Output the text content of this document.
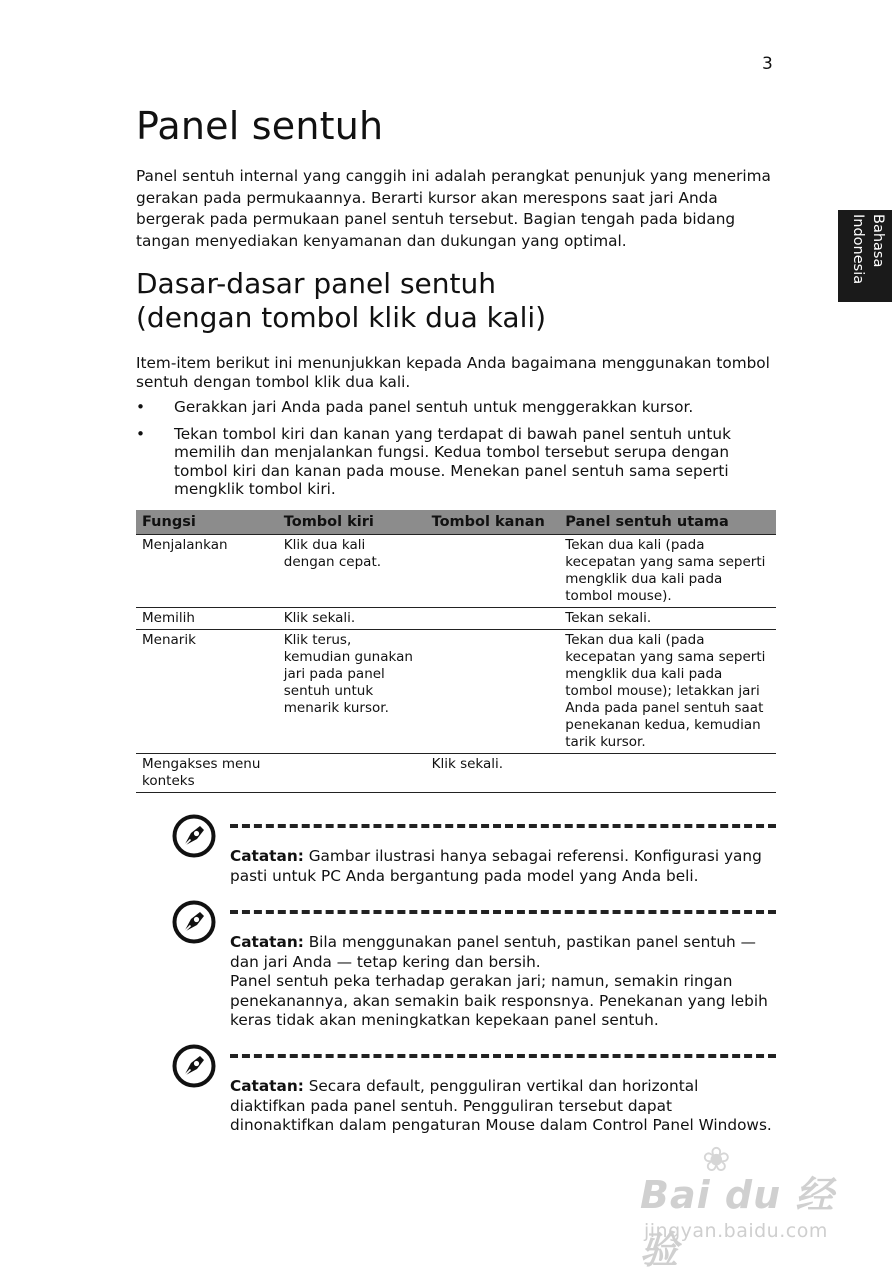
3
Bahasa Indonesia
Panel sentuh

Panel sentuh internal yang canggih ini adalah perangkat penunjuk yang menerima gerakan pada permukaannya. Berarti kursor akan merespons saat jari Anda bergerak pada permukaan panel sentuh tersebut. Bagian tengah pada bidang tangan menyediakan kenyamanan dan dukungan yang optimal.

Dasar-dasar panel sentuh
(dengan tombol klik dua kali)

Item-item berikut ini menunjukkan kepada Anda bagaimana menggunakan tombol sentuh dengan tombol klik dua kali.

• Gerakkan jari Anda pada panel sentuh untuk menggerakkan kursor.
• Tekan tombol kiri dan kanan yang terdapat di bawah panel sentuh untuk memilih dan menjalankan fungsi. Kedua tombol tersebut serupa dengan tombol kiri dan kanan pada mouse. Menekan panel sentuh sama seperti mengklik tombol kiri.
Fungsi	Tombol kiri	Tombol kanan	Panel sentuh utama
Menjalankan	Klik dua kali dengan cepat.		Tekan dua kali (pada kecepatan yang sama seperti mengklik dua kali pada tombol mouse).
Memilih	Klik sekali.		Tekan sekali.
Menarik	Klik terus, kemudian gunakan jari pada panel sentuh untuk menarik kursor.		Tekan dua kali (pada kecepatan yang sama seperti mengklik dua kali pada tombol mouse); letakkan jari Anda pada panel sentuh saat penekanan kedua, kemudian tarik kursor.
Mengakses menu konteks		Klik sekali.	
Catatan: Gambar ilustrasi hanya sebagai referensi. Konfigurasi yang pasti untuk PC Anda bergantung pada model yang Anda beli.

Catatan: Bila menggunakan panel sentuh, pastikan panel sentuh — dan jari Anda — tetap kering dan bersih.

Panel sentuh peka terhadap gerakan jari; namun, semakin ringan penekanannya, akan semakin baik responsnya. Penekanan yang lebih keras tidak akan meningkatkan kepekaan panel sentuh.

Catatan: Secara default, pengguliran vertikal dan horizontal diaktifkan pada panel sentuh. Pengguliran tersebut dapat dinonaktifkan dalam pengaturan Mouse dalam Control Panel Windows.
❀
Bai du 经验
jingyan.baidu.com
